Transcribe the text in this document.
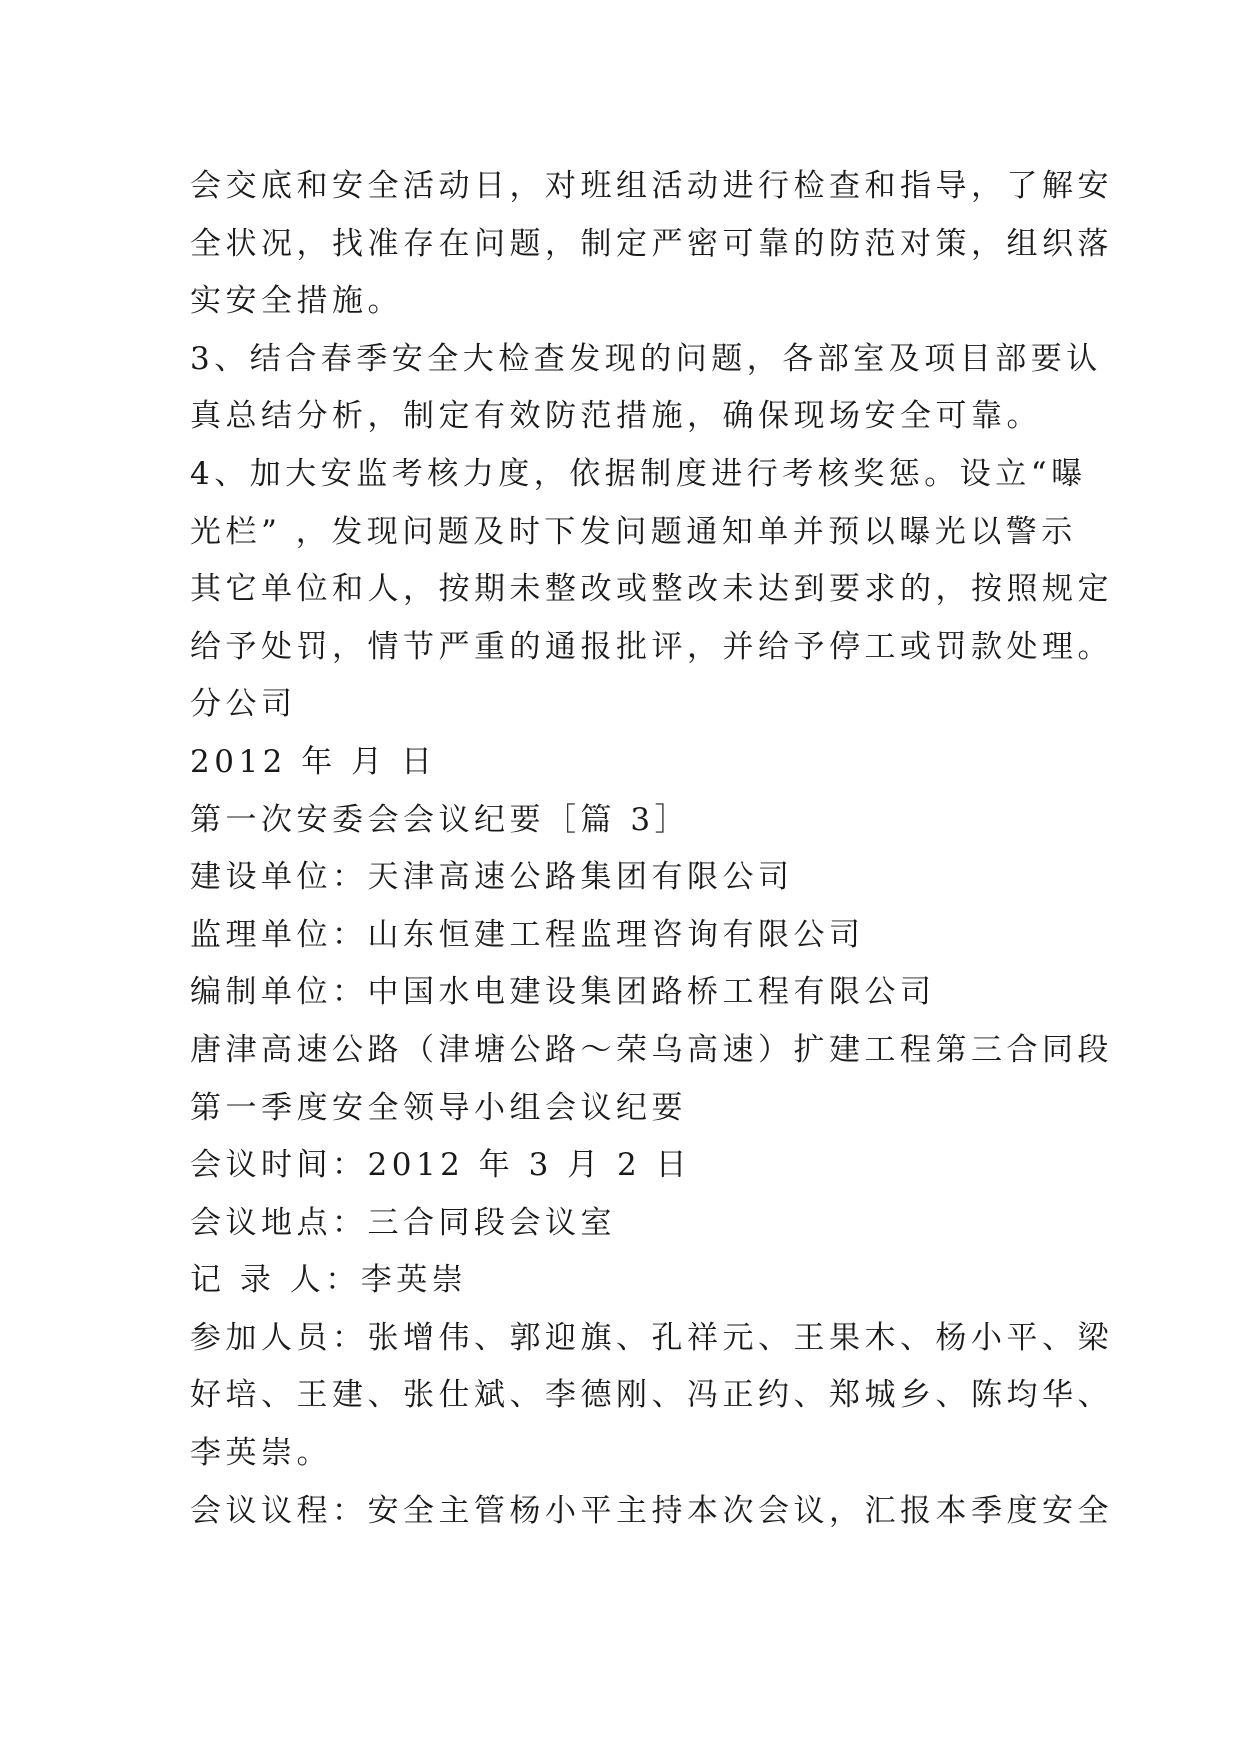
会交底和安全活动日，对班组活动进行检查和指导，了解安
全状况，找准存在问题，制定严密可靠的防范对策，组织落
实安全措施。
3、结合春季安全大检查发现的问题，各部室及项目部要认
真总结分析，制定有效防范措施，确保现场安全可靠。
4、加大安监考核力度，依据制度进行考核奖惩。设立“曝
光栏” ，发现问题及时下发问题通知单并预以曝光以警示
其它单位和人，按期未整改或整改未达到要求的，按照规定
给予处罚，情节严重的通报批评，并给予停工或罚款处理。
分公司
2012 年 月 日
第一次安委会会议纪要［篇 3］
建设单位：天津高速公路集团有限公司
监理单位：山东恒建工程监理咨询有限公司
编制单位：中国水电建设集团路桥工程有限公司
唐津高速公路（津塘公路～荣乌高速）扩建工程第三合同段
第一季度安全领导小组会议纪要
会议时间：2012 年 3 月 2 日
会议地点：三合同段会议室
记 录 人：李英崇
参加人员：张增伟、郭迎旗、孔祥元、王果木、杨小平、梁
好培、王建、张仕斌、李德刚、冯正约、郑城乡、陈均华、
李英崇。
会议议程：安全主管杨小平主持本次会议，汇报本季度安全
